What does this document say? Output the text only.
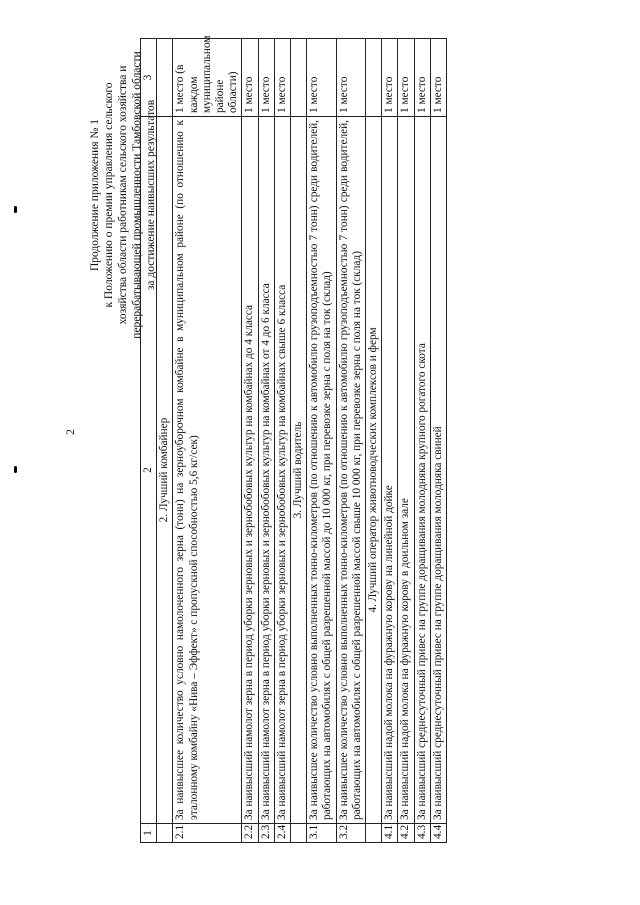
2
Продолжение приложения № 1 к Положению о премии управления сельского хозяйства области работникам сельского хозяйства и перерабатывающей промышленности Тамбовской области за достижение наивысших результатов
1	2	3
	2. Лучший комбайнер	
2.1	За наивысшее количество условно намолоченного зерна (тонн) на зерноуборочном комбайне в муниципальном районе (по отношению к эталонному комбайну «Нива – Эффект» с пропускной способностью 5,6 кг/сек)	1 место (в каждом муниципальном районе области)
2.2	За наивысший намолот зерна в период уборки зерновых и зернобобовых культур на комбайнах до 4 класса	1 место
2.3	За наивысший намолот зерна в период уборки зерновых и зернобобовых культур на комбайнах от 4 до 6 класса	1 место
2.4	За наивысший намолот зерна в период уборки зерновых и зернобобовых культур на комбайнах свыше 6 класса	1 место
	3. Лучший водитель	
3.1	За наивысшее количество условно выполненных тонно-километров (по отношению к автомобилю грузоподъемностью 7 тонн) среди водителей, работающих на автомобилях с общей разрешенной массой до 10 000 кг, при перевозке зерна с поля на ток (склад)	1 место
3.2	За наивысшее количество условно выполненных тонно-километров (по отношению к автомобилю грузоподъемностью 7 тонн) среди водителей, работающих на автомобилях с общей разрешенной массой свыше 10 000 кг, при перевозке зерна с поля на ток (склад)	1 место
	4. Лучший оператор животноводческих комплексов и ферм	
4.1	За наивысший надой молока на фуражную корову на линейной дойке	1 место
4.2	За наивысший надой молока на фуражную корову в доильном зале	1 место
4.3	За наивысший среднесуточный привес на группе доращивания молодняка крупного рогатого скота	1 место
4.4	За наивысший среднесуточный привес на группе доращивания молодняка свиней	1 место
